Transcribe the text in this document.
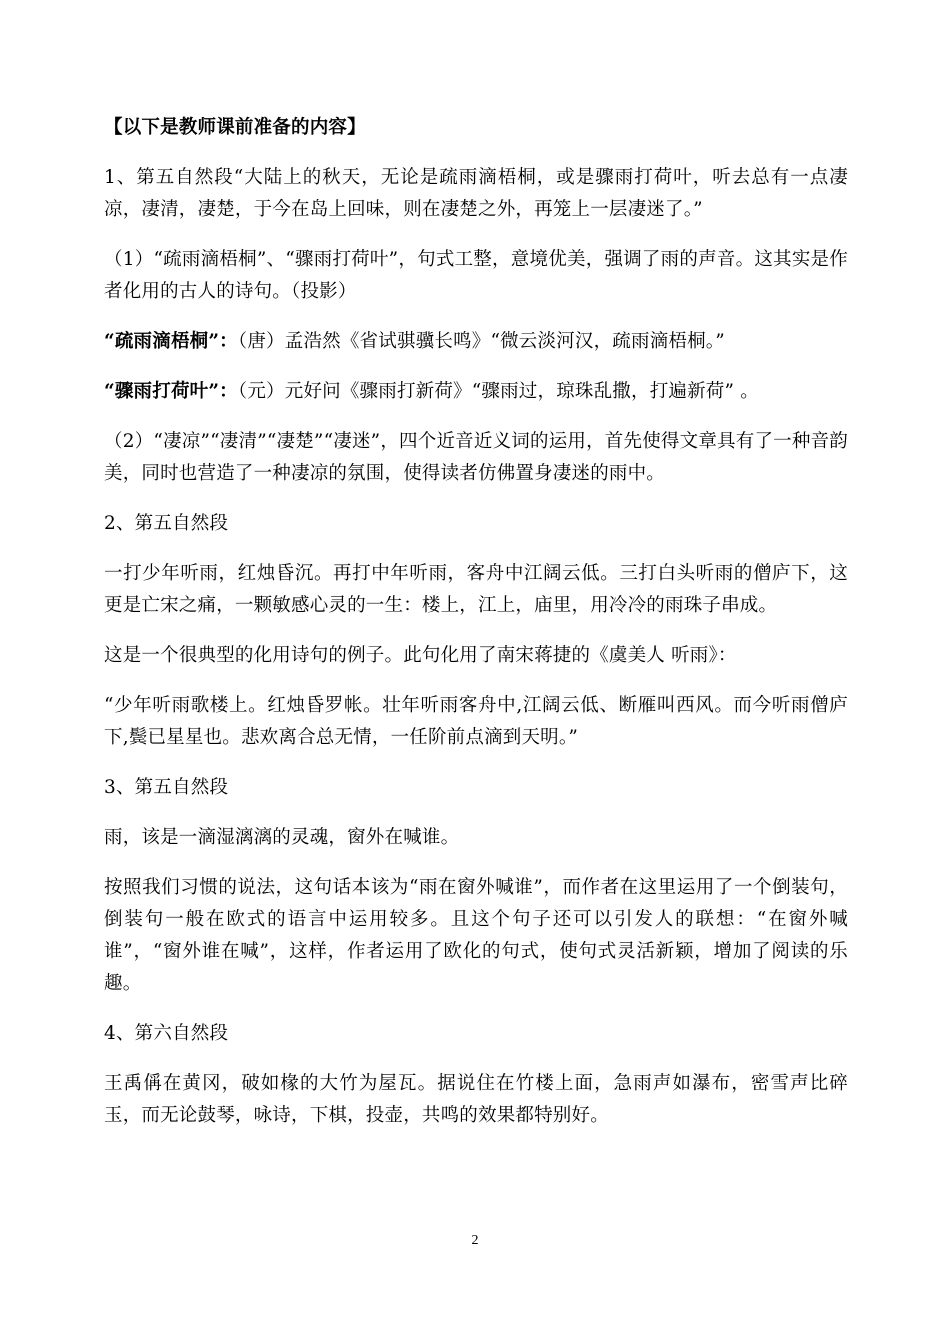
【以下是教师课前准备的内容】

1、第五自然段“大陆上的秋天，无论是疏雨滴梧桐，或是骤雨打荷叶，听去总有一点凄凉，凄清，凄楚，于今在岛上回味，则在凄楚之外，再笼上一层凄迷了。”

（1）“疏雨滴梧桐”、“骤雨打荷叶”，句式工整，意境优美，强调了雨的声音。这其实是作者化用的古人的诗句。（投影）

“疏雨滴梧桐”：（唐）孟浩然《省试骐骥长鸣》“微云淡河汉，疏雨滴梧桐。”

“骤雨打荷叶”：（元）元好问《骤雨打新荷》“骤雨过，琼珠乱撒，打遍新荷” 。

（2）“凄凉”“凄清”“凄楚”“凄迷”，四个近音近义词的运用，首先使得文章具有了一种音韵美，同时也营造了一种凄凉的氛围，使得读者仿佛置身凄迷的雨中。

2、第五自然段

一打少年听雨，红烛昏沉。再打中年听雨，客舟中江阔云低。三打白头听雨的僧庐下，这更是亡宋之痛，一颗敏感心灵的一生：楼上，江上，庙里，用冷冷的雨珠子串成。

这是一个很典型的化用诗句的例子。此句化用了南宋蒋捷的《虞美人 听雨》：

“少年听雨歌楼上。红烛昏罗帐。壮年听雨客舟中,江阔云低、断雁叫西风。而今听雨僧庐下,鬓已星星也。悲欢离合总无情，一任阶前点滴到天明。”

3、第五自然段

雨，该是一滴湿漓漓的灵魂，窗外在喊谁。

按照我们习惯的说法，这句话本该为“雨在窗外喊谁”，而作者在这里运用了一个倒装句，倒装句一般在欧式的语言中运用较多。且这个句子还可以引发人的联想：“在窗外喊谁”，“窗外谁在喊”，这样，作者运用了欧化的句式，使句式灵活新颖，增加了阅读的乐趣。

4、第六自然段

王禹偁在黄冈，破如椽的大竹为屋瓦。据说住在竹楼上面，急雨声如瀑布，密雪声比碎玉，而无论鼓琴，咏诗，下棋，投壶，共鸣的效果都特别好。

2
